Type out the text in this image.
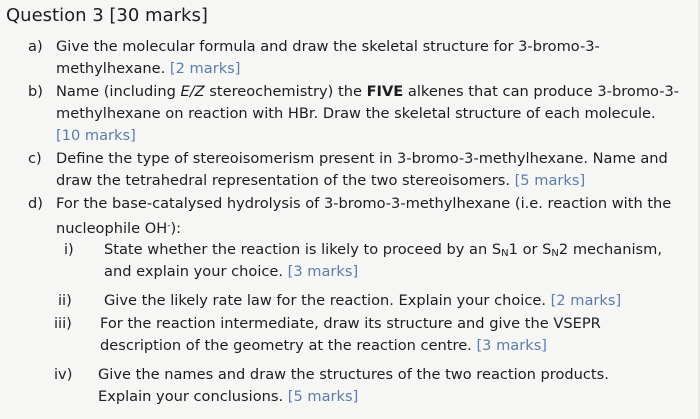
Question 3 [30 marks]
a) Give the molecular formula and draw the skeletal structure for 3-bromo-3-
methylhexane. [2 marks]
b) Name (including E/Z stereochemistry) the FIVE alkenes that can produce 3-bromo-3-
methylhexane on reaction with HBr. Draw the skeletal structure of each molecule.
[10 marks]
c) Define the type of stereoisomerism present in 3-bromo-3-methylhexane. Name and
draw the tetrahedral representation of the two stereoisomers. [5 marks]
d) For the base-catalysed hydrolysis of 3-bromo-3-methylhexane (i.e. reaction with the
nucleophile OH-):
i) State whether the reaction is likely to proceed by an $S_N1$ or $S_N2$ mechanism,
and explain your choice. [3 marks]
ii) Give the likely rate law for the reaction. Explain your choice. [2 marks]
iii) For the reaction intermediate, draw its structure and give the VSEPR
description of the geometry at the reaction centre. [3 marks]
iv) Give the names and draw the structures of the two reaction products.
Explain your conclusions. [5 marks]
